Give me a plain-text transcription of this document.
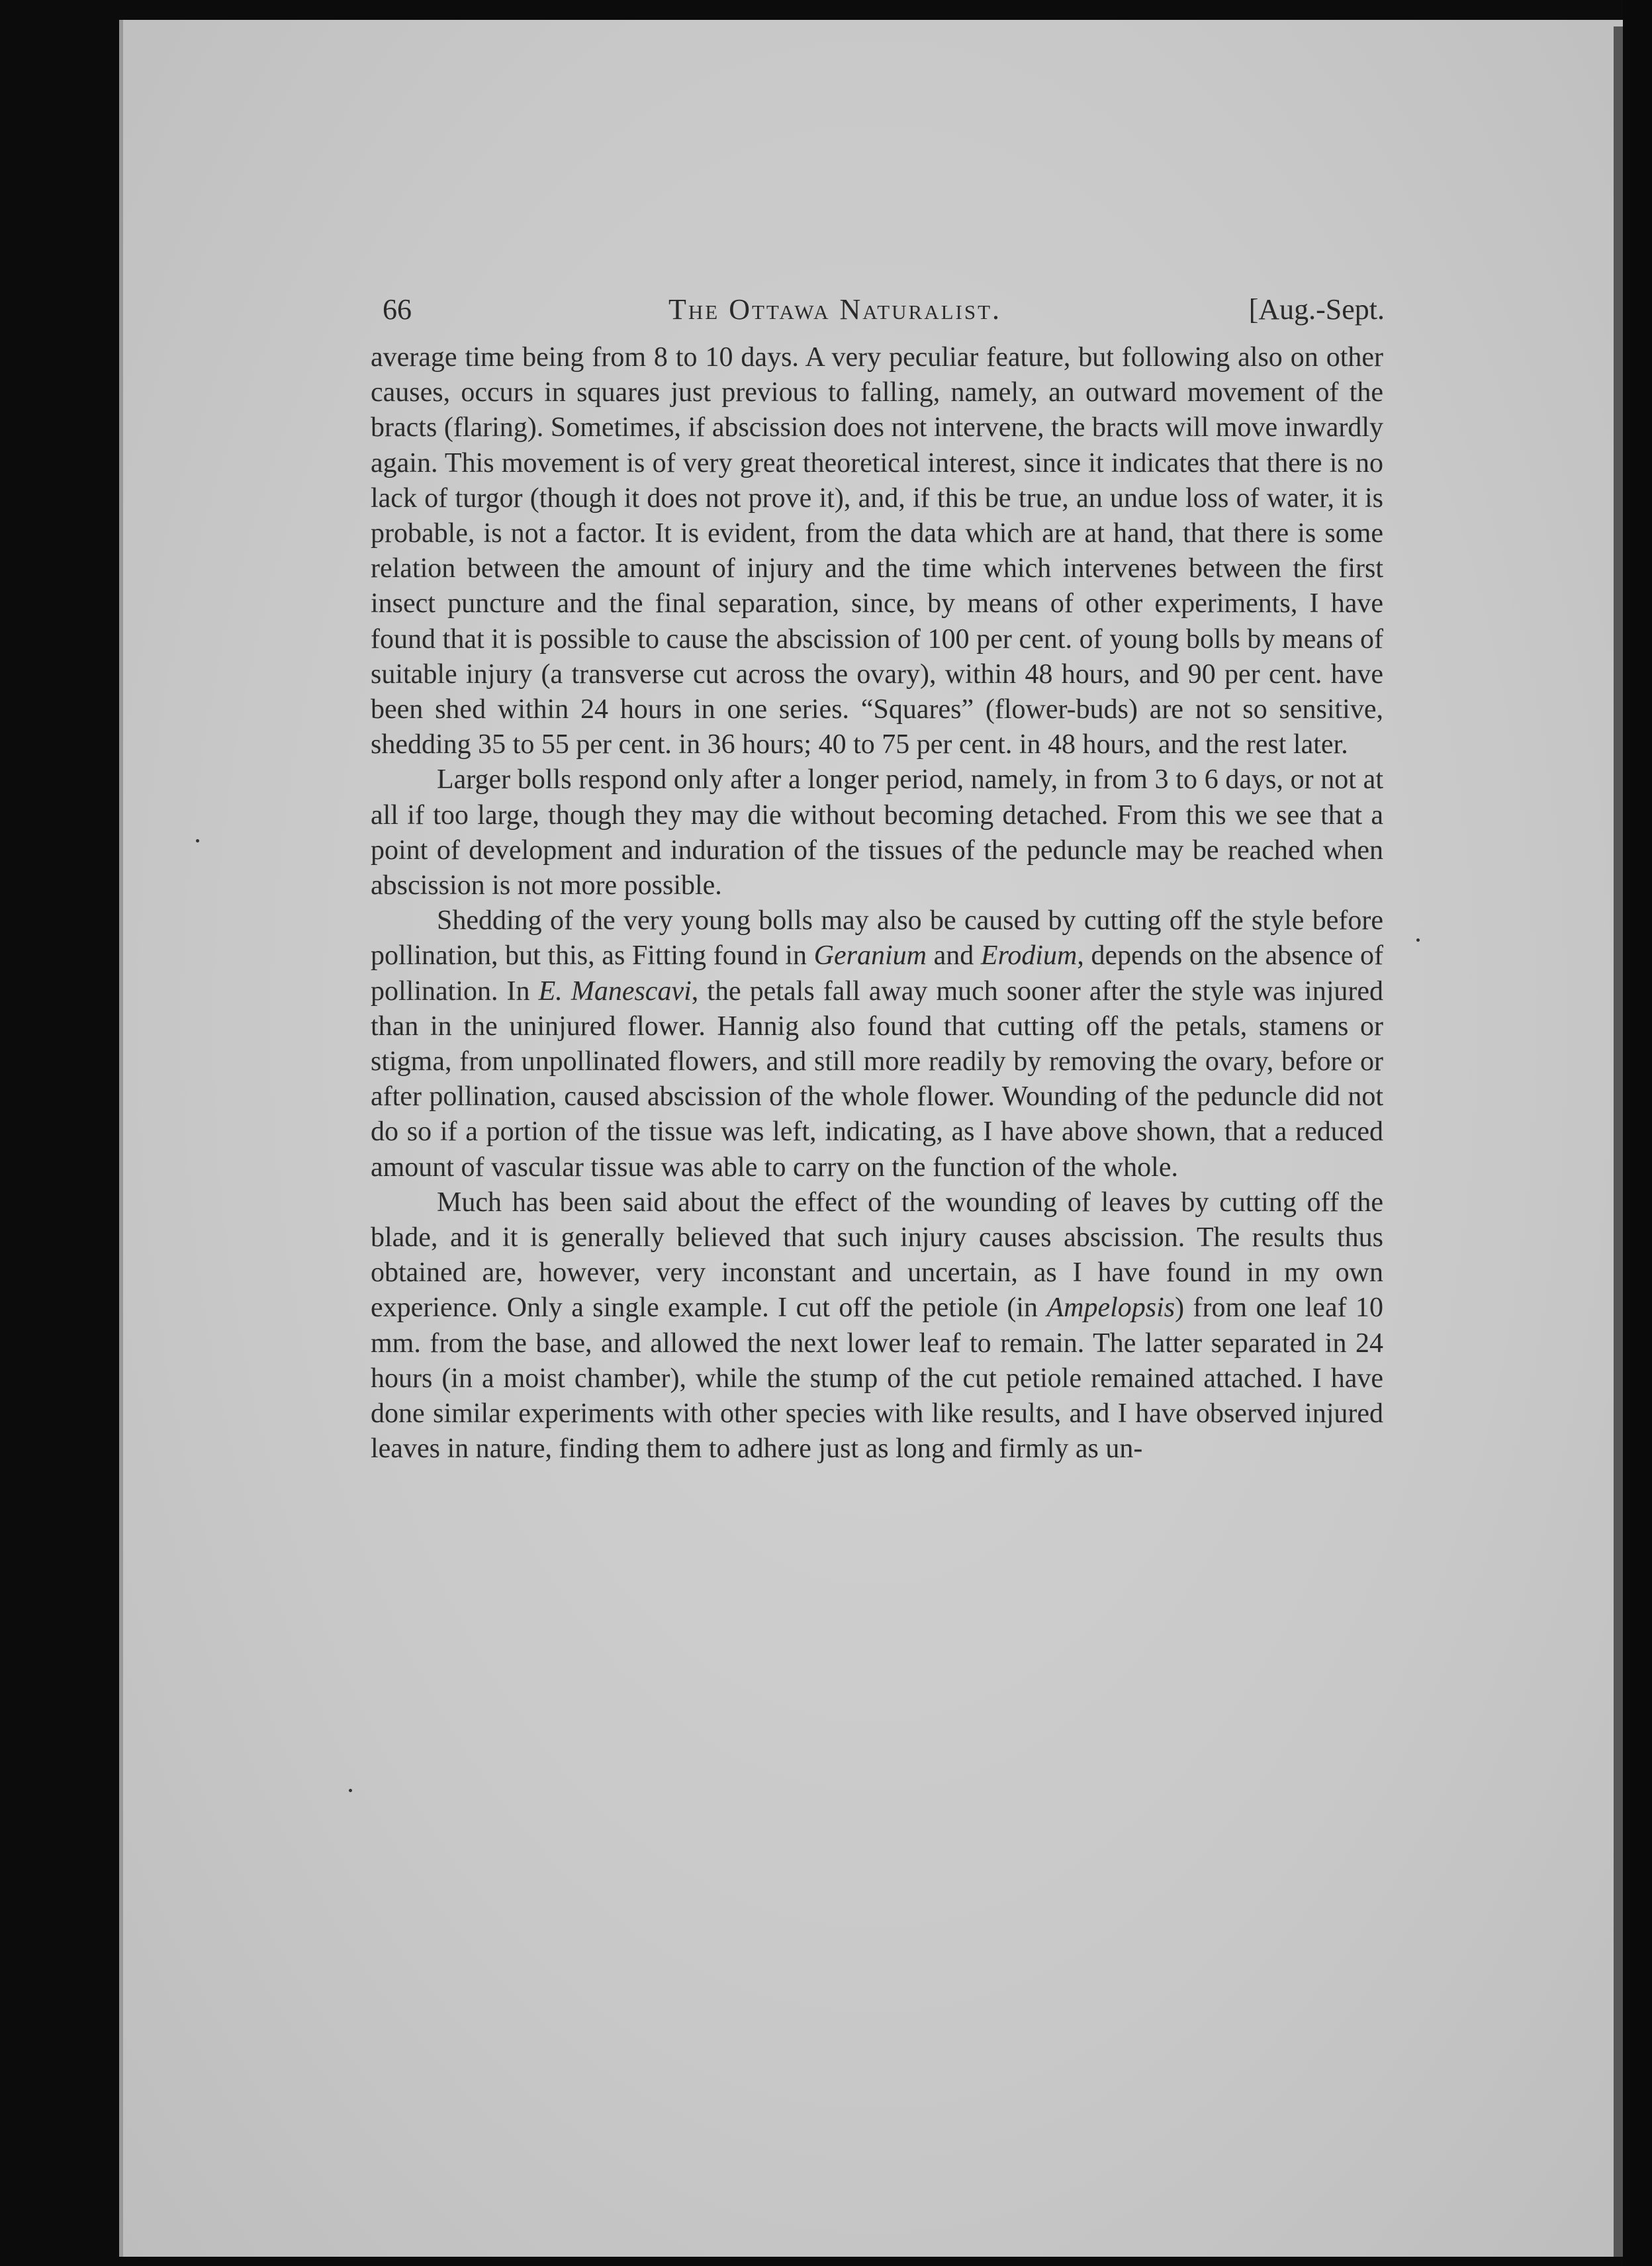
66	The Ottawa Naturalist.	[Aug.-Sept.

average time being from 8 to 10 days. A very peculiar feature, but following also on other causes, occurs in squares just previous to falling, namely, an outward movement of the bracts (flaring). Sometimes, if abscission does not intervene, the bracts will move inwardly again. This movement is of very great theoretical interest, since it indicates that there is no lack of turgor (though it does not prove it), and, if this be true, an undue loss of water, it is probable, is not a factor. It is evident, from the data which are at hand, that there is some relation between the amount of injury and the time which intervenes between the first insect puncture and the final separation, since, by means of other experiments, I have found that it is possible to cause the abscission of 100 per cent. of young bolls by means of suitable injury (a transverse cut across the ovary), within 48 hours, and 90 per cent. have been shed within 24 hours in one series. “Squares” (flower-buds) are not so sensitive, shedding 35 to 55 per cent. in 36 hours; 40 to 75 per cent. in 48 hours, and the rest later.

Larger bolls respond only after a longer period, namely, in from 3 to 6 days, or not at all if too large, though they may die without becoming detached. From this we see that a point of development and induration of the tissues of the peduncle may be reached when abscission is not more possible.

Shedding of the very young bolls may also be caused by cutting off the style before pollination, but this, as Fitting found in Geranium and Erodium, depends on the absence of pollination. In E. Manescavi, the petals fall away much sooner after the style was injured than in the uninjured flower. Hannig also found that cutting off the petals, stamens or stigma, from unpollinated flowers, and still more readily by removing the ovary, before or after pollination, caused abscission of the whole flower. Wounding of the peduncle did not do so if a portion of the tissue was left, indicating, as I have above shown, that a reduced amount of vascular tissue was able to carry on the function of the whole.

Much has been said about the effect of the wounding of leaves by cutting off the blade, and it is generally believed that such injury causes abscission. The results thus obtained are, however, very inconstant and uncertain, as I have found in my own experience. Only a single example. I cut off the petiole (in Ampelopsis) from one leaf 10 mm. from the base, and allowed the next lower leaf to remain. The latter separated in 24 hours (in a moist chamber), while the stump of the cut petiole remained attached. I have done similar experiments with other species with like results, and I have observed injured leaves in nature, finding them to adhere just as long and firmly as un-
